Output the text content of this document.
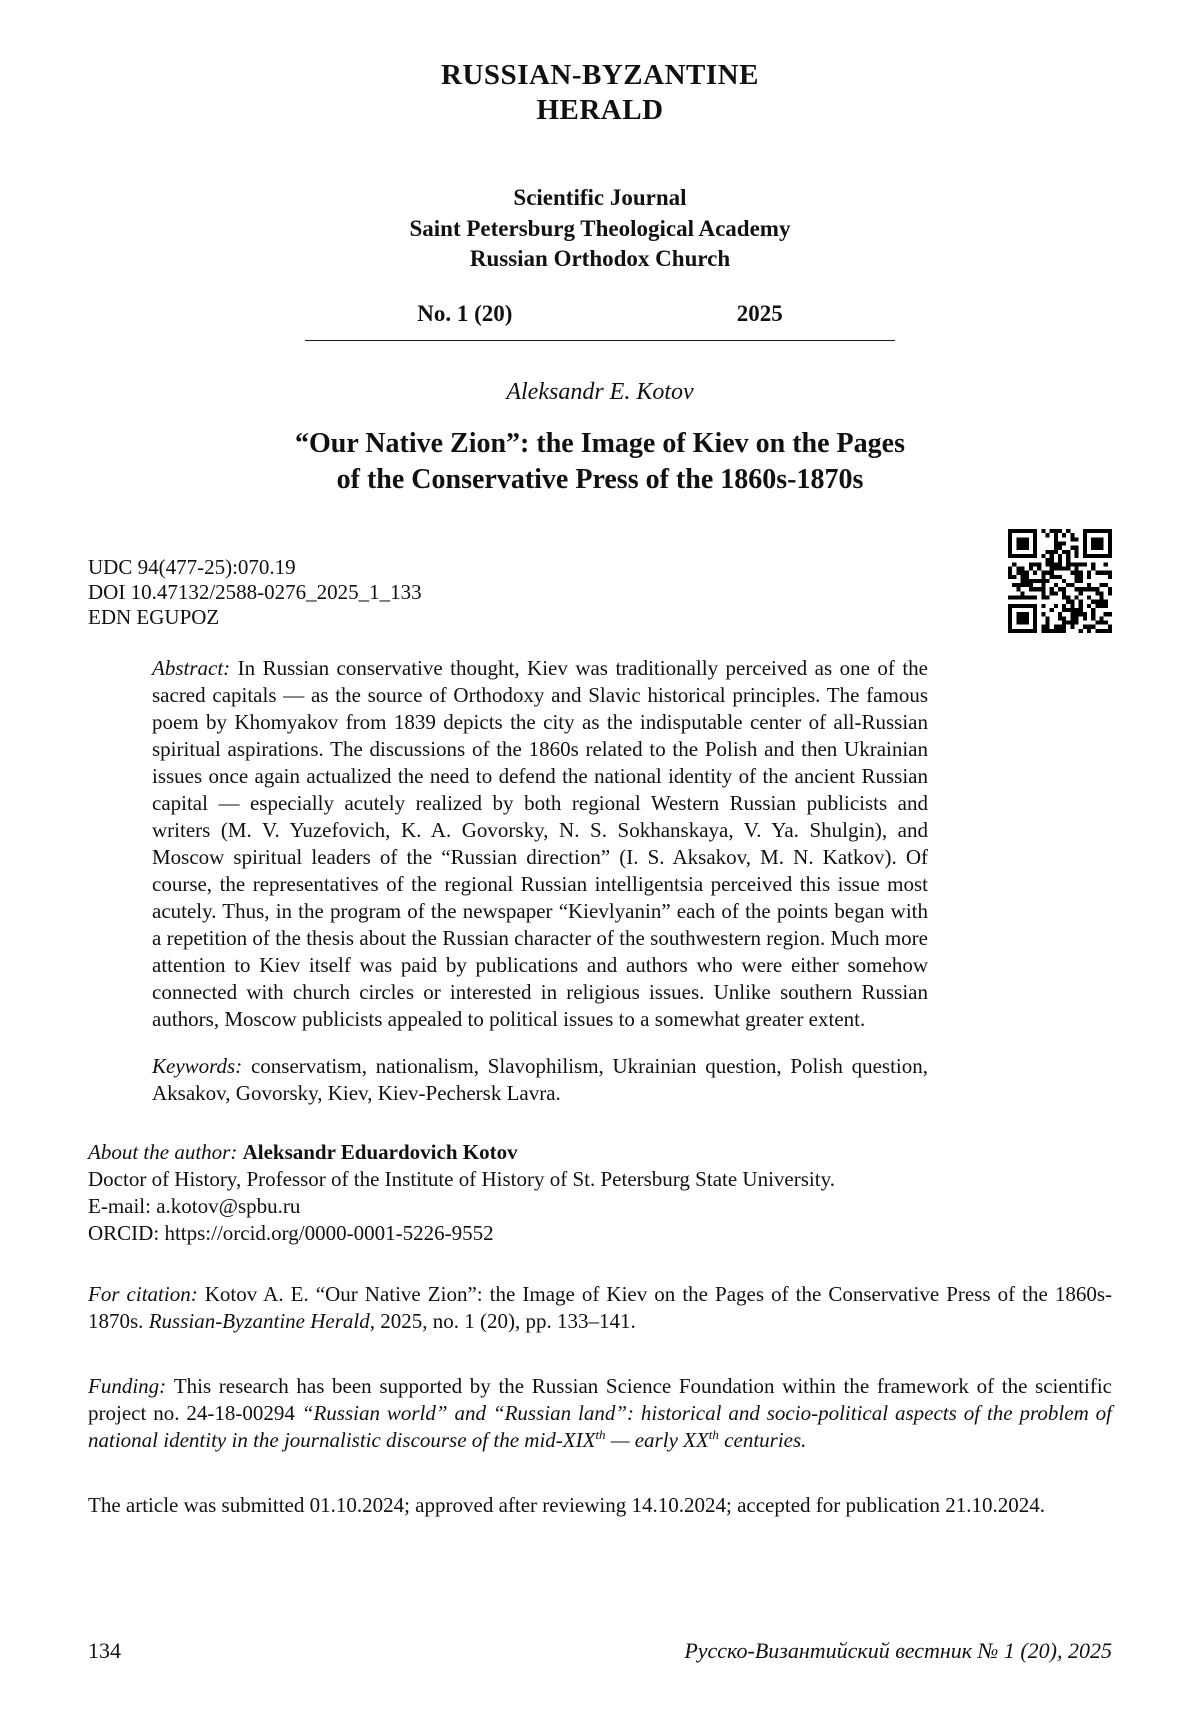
RUSSIAN-BYZANTINE
HERALD
Scientific Journal
Saint Petersburg Theological Academy
Russian Orthodox Church
No. 1 (20)	2025
Aleksandr E. Kotov
“Our Native Zion”: the Image of Kiev on the Pages
of the Conservative Press of the 1860s-1870s
UDC 94(477-25):070.19
DOI 10.47132/2588-0276_2025_1_133
EDN EGUPOZ

Abstract: In Russian conservative thought, Kiev was traditionally perceived as one of the sacred capitals — as the source of Orthodoxy and Slavic historical principles. The famous poem by Khomyakov from 1839 depicts the city as the indisputable center of all-Russian spiritual aspirations. The discussions of the 1860s related to the Polish and then Ukrainian issues once again actualized the need to defend the national identity of the ancient Russian capital — especially acutely realized by both regional Western Russian publicists and writers (M. V. Yuzefovich, K. A. Govorsky, N. S. Sokhanskaya, V. Ya. Shulgin), and Moscow spiritual leaders of the “Russian direction” (I. S. Aksakov, M. N. Katkov). Of course, the representatives of the regional Russian intelligentsia perceived this issue most acutely. Thus, in the program of the newspaper “Kievlyanin” each of the points began with a repetition of the thesis about the Russian character of the southwestern region. Much more attention to Kiev itself was paid by publications and authors who were either somehow connected with church circles or interested in religious issues. Unlike southern Russian authors, Moscow publicists appealed to political issues to a somewhat greater extent.

Keywords: conservatism, nationalism, Slavophilism, Ukrainian question, Polish question, Aksakov, Govorsky, Kiev, Kiev-Pechersk Lavra.

About the author: Aleksandr Eduardovich Kotov
Doctor of History, Professor of the Institute of History of St. Petersburg State University.
E-mail: a.kotov@spbu.ru
ORCID: https://orcid.org/0000-0001-5226-9552

For citation: Kotov A. E. “Our Native Zion”: the Image of Kiev on the Pages of the Conservative Press of the 1860s-1870s. Russian-Byzantine Herald, 2025, no. 1 (20), pp. 133–141.

Funding: This research has been supported by the Russian Science Foundation within the framework of the scientific project no. 24-18-00294 “Russian world” and “Russian land”: historical and socio-political aspects of the problem of national identity in the journalistic discourse of the mid-XIXth — early XXth centuries.

The article was submitted 01.10.2024; approved after reviewing 14.10.2024; accepted for publication 21.10.2024.

134	Русско-Византийский вестник № 1 (20), 2025
